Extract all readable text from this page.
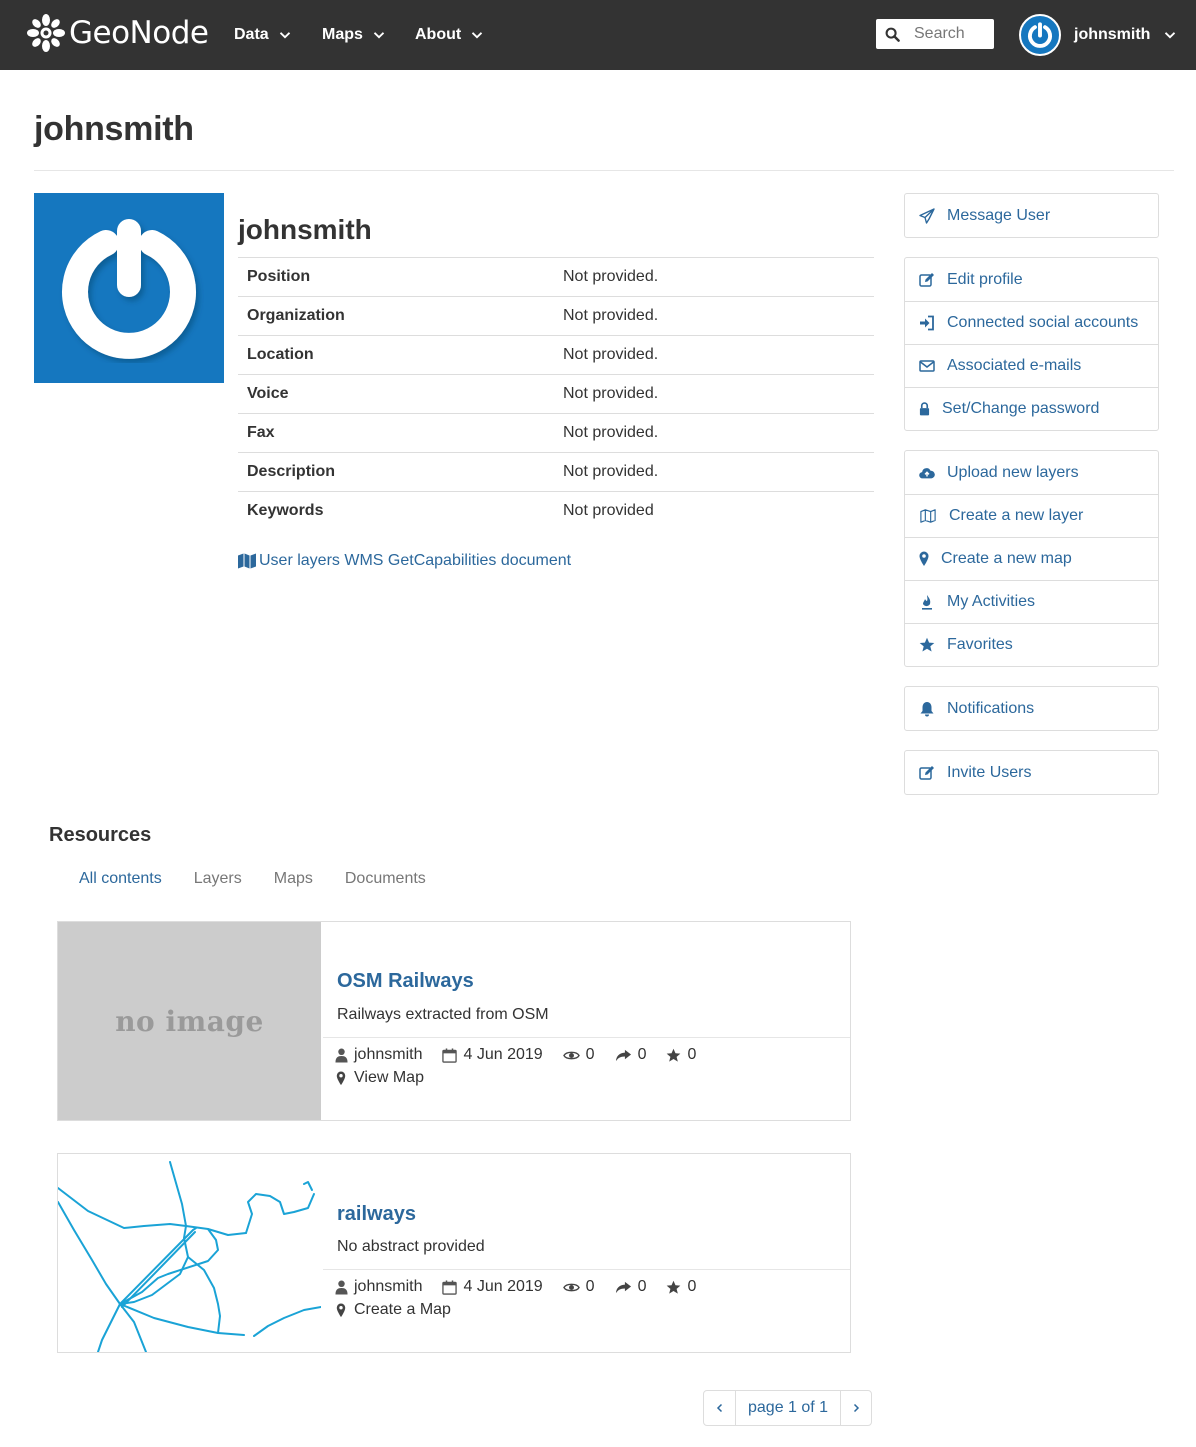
GeoNode Data	Maps	About
Search	johnsmith
johnsmith
johnsmith
Position	Not provided.
Organization	Not provided.
Location	Not provided.
Voice	Not provided.
Fax	Not provided.
Description	Not provided.
Keywords	Not provided
User layers WMS GetCapabilities document
Message User
Edit profile
Connected social accounts
Associated e-mails
Set/Change password
Upload new layers
Create a new layer
Create a new map
My Activities
Favorites
Notifications
Invite Users
Resources
All contents	Layers	Maps	Documents
no image
OSM Railways
Railways extracted from OSM
johnsmith	4 Jun 2019	0	0	0
View Map
railways
No abstract provided
johnsmith	4 Jun 2019	0	0	0
Create a Map
page 1 of 1
